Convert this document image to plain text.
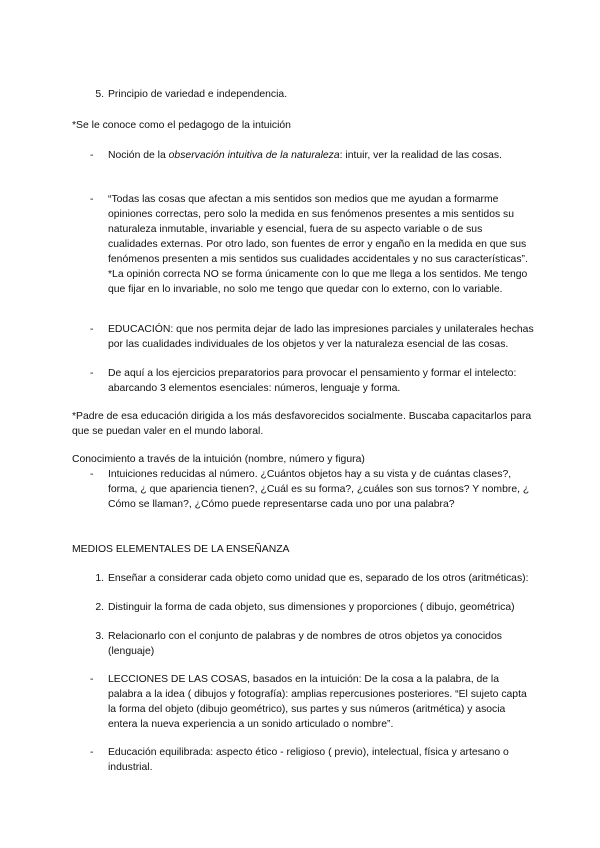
5. Principio de variedad e independencia.

*Se le conoce como el pedagogo de la intuición

- Noción de la observación intuitiva de la naturaleza: intuir, ver la realidad de las cosas.
- “Todas las cosas que afectan a mis sentidos son medios que me ayudan a formarme opiniones correctas, pero solo la medida en sus fenómenos presentes a mis sentidos su naturaleza inmutable, invariable y esencial, fuera de su aspecto variable o de sus cualidades externas. Por otro lado, son fuentes de error y engaño en la medida en que sus fenómenos presenten a mis sentidos sus cualidades accidentales y no sus características”. *La opinión correcta NO se forma únicamente con lo que me llega a los sentidos. Me tengo que fijar en lo invariable, no solo me tengo que quedar con lo externo, con lo variable.
- EDUCACIÓN: que nos permita dejar de lado las impresiones parciales y unilaterales hechas por las cualidades individuales de los objetos y ver la naturaleza esencial de las cosas.
- De aquí a los ejercicios preparatorios para provocar el pensamiento y formar el intelecto: abarcando 3 elementos esenciales: números, lenguaje y forma.

*Padre de esa educación dirigida a los más desfavorecidos socialmente. Buscaba capacitarlos para que se puedan valer en el mundo laboral.

Conocimiento a través de la intuición (nombre, número y figura)

- Intuiciones reducidas al número. ¿Cuántos objetos hay a su vista y de cuántas clases?, forma, ¿ que apariencia tienen?, ¿Cuál es su forma?, ¿cuáles son sus tornos? Y nombre, ¿ Cómo se llaman?, ¿Cómo puede representarse cada uno por una palabra?

MEDIOS ELEMENTALES DE LA ENSEÑANZA

1. Enseñar a considerar cada objeto como unidad que es, separado de los otros (aritméticas):
2. Distinguir la forma de cada objeto, sus dimensiones y proporciones ( dibujo, geométrica)
3. Relacionarlo con el conjunto de palabras y de nombres de otros objetos ya conocidos (lenguaje)
- LECCIONES DE LAS COSAS, basados en la intuición: De la cosa a la palabra, de la palabra a la idea ( dibujos y fotografía): amplias repercusiones posteriores. “El sujeto capta la forma del objeto (dibujo geométrico), sus partes y sus números (aritmética) y asocia entera la nueva experiencia a un sonido articulado o nombre”.
- Educación equilibrada: aspecto ético - religioso ( previo), intelectual, física y artesano o industrial.
